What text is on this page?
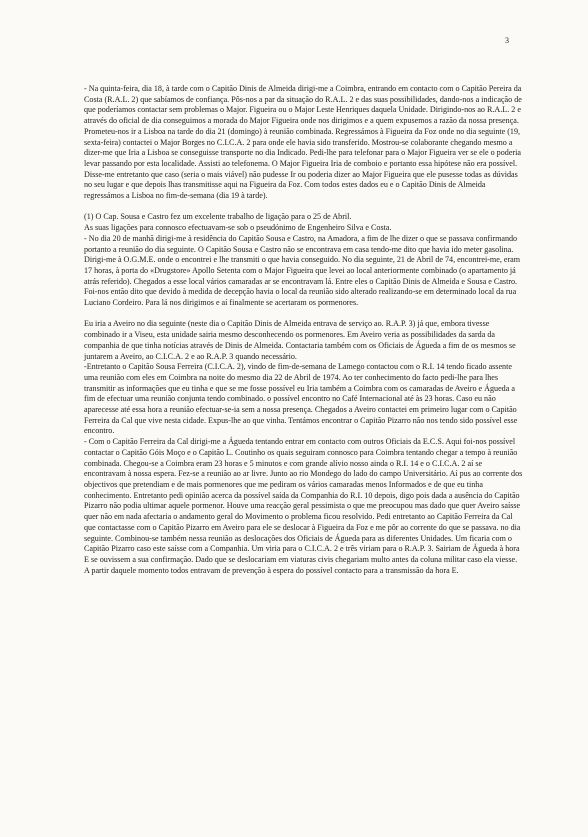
3

- Na quinta-feira, dia 18, à tarde com o Capitão Dinis de Almeida dirigi-me a Coimbra, entrando em contacto com o Capitão Pereira da Costa (R.A.L. 2) que sabíamos de confiança. Pôs-nos a par da situação do R.A.L. 2 e das suas possibilidades, dando-nos a indicação de que poderíamos contactar sem problemas o Major. Figueira ou o Major Leste Henriques daquela Unidade. Dirigindo-nos ao R.A.L. 2 e através do oficial de dia conseguimos a morada do Major Figueira onde nos dirigimos e a quem expusemos a razão da nossa presença. Prometeu-nos ir a Lisboa na tarde do dia 21 (domingo) à reunião combinada. Regressámos à Figueira da Foz onde no dia seguinte (19, sexta-feira) contactei o Major Borges no C.I.C.A. 2 para onde ele havia sido transferido. Mostrou-se colaborante chegando mesmo a dizer-me que Iria a Lisboa se conseguisse transporte no dia Indicado. Pedi-lhe para telefonar para o Major Figueira ver se ele o poderia levar passando por esta localidade. Assisti ao telefonema. O Major Figueira Iria de comboio e portanto essa hipótese não era possível. Disse-me entretanto que caso (seria o mais viável) não pudesse Ir ou poderia dizer ao Major Figueira que ele pusesse todas as dúvidas no seu lugar e que depois lhas transmitisse aqui na Figueira da Foz. Com todos estes dados eu e o Capitão Dinis de Almeida regressámos a Lisboa no fim-de-semana (dia 19 à tarde).

(1) O Cap. Sousa e Castro fez um excelente trabalho de ligação para o 25 de Abril.
As suas ligações para connosco efectuavam-se sob o pseudónimo de Engenheiro Silva e Costa.
- No dia 20 de manhã dirigi-me à residência do Capitão Sousa e Castro, na Amadora, a fim de lhe dizer o que se passava confirmando portanto a reunião do dia seguinte. O Capitão Sousa e Castro não se encontrava em casa tendo-me dito que havia ido meter gasolina. Dirigi-me à O.G.M.E. onde o encontrei e lhe transmiti o que havia conseguido. No dia seguinte, 21 de Abril de 74, encontrei-me, eram 17 horas, à porta do «Drugstore» Apollo Setenta com o Major Figueira que levei ao local anteriormente combinado (o apartamento já atrás referido). Chegados a esse local vários camaradas ar se encontravam lá. Entre eles o Capitão Dinis de Almeida e Sousa e Castro. Foi-nos então dito que devido à medida de decepção havia o local da reunião sido alterado realizando-se em determinado local da rua Luciano Cordeiro. Para lá nos dirigimos e aí finalmente se acertaram os pormenores.

Eu iria a Aveiro no dia seguinte (neste dia o Capitão Dinis de Almeida entrava de serviço ao. R.A.P. 3) já que, embora tivesse combinado ir a Viseu, esta unidade sairia mesmo desconhecendo os pormenores. Em Aveiro veria as possibilidades da sarda da companhia de que tinha notícias através de Dinis de Almeida. Contactaria também com os Oficiais de Águeda a fim de os mesmos se juntarem a Aveiro, ao C.I.C.A. 2 e ao R.A.P. 3 quando necessário.
-Entretanto o Capitão Sousa Ferreira (C.I.C.A. 2), vindo de fim-de-semana de Lamego contactou com o R.I. 14 tendo ficado assente uma reunião com eles em Coimbra na noite do mesmo dia 22 de Abril de 1974. Ao ter conhecimento do facto pedi-lhe para lhes transmitir as informações que eu tinha e que se me fosse possível eu Iria também a Coimbra com os camaradas de Aveiro e Águeda a fim de efectuar uma reunião conjunta tendo combinado. o possível encontro no Café Internacional até às 23 horas. Caso eu não aparecesse até essa hora a reunião efectuar-se-ia sem a nossa presença. Chegados a Aveiro contactei em primeiro lugar com o Capitão Ferreira da Cal que vive nesta cidade. Expus-lhe ao que vinha. Tentámos encontrar o Capitão Pizarro não nos tendo sido possível esse encontro.
- Com o Capitão Ferreira da Cal dirigi-me a Águeda tentando entrar em contacto com outros Oficiais da E.C.S. Aqui foi-nos possível contactar o Capitão Góis Moço e o Capitão L. Coutinho os quais seguiram connosco para Coimbra tentando chegar a tempo à reunião combinada. Chegou-se a Coimbra eram 23 horas e 5 minutos e com grande alívio nosso ainda o R.I. 14 e o C.I.C.A. 2 aí se encontravam à nossa espera. Fez-se a reunião ao ar livre. Junto ao rio Mondego do lado do campo Universitário. Aí pus ao corrente dos objectivos que pretendiam e de mais pormenores que me pediram os vários camaradas menos Informados e de que eu tinha conhecimento. Entretanto pedi opinião acerca da possível saída da Companhia do R.I. 10 depois, digo pois dada a ausência do Capitão Pizarro não podia ultimar aquele pormenor. Houve uma reacção geral pessimista o que me preocupou mas dado que quer Aveiro saísse quer não em nada afectaria o andamento geral do Movimento o problema ficou resolvido. Pedi entretanto ao Capitão Ferreira da Cal que contactasse com o Capitão Pizarro em Aveiro para ele se deslocar à Figueira da Foz e me pôr ao corrente do que se passava. no dia seguinte. Combinou-se também nessa reunião as deslocações dos Oficiais de Águeda para as diferentes Unidades. Um ficaria com o Capitão Pizarro caso este saísse com a Companhia. Um viria para o C.I.C.A. 2 e três viriam para o R.A.P. 3. Sairiam de Águeda à hora E se ouvissem a sua confirmação. Dado que se deslocariam em viaturas civis chegariam multo antes da coluna militar caso ela viesse. A partir daquele momento todos entravam de prevenção à espera do possível contacto para a transmissão da hora E.
